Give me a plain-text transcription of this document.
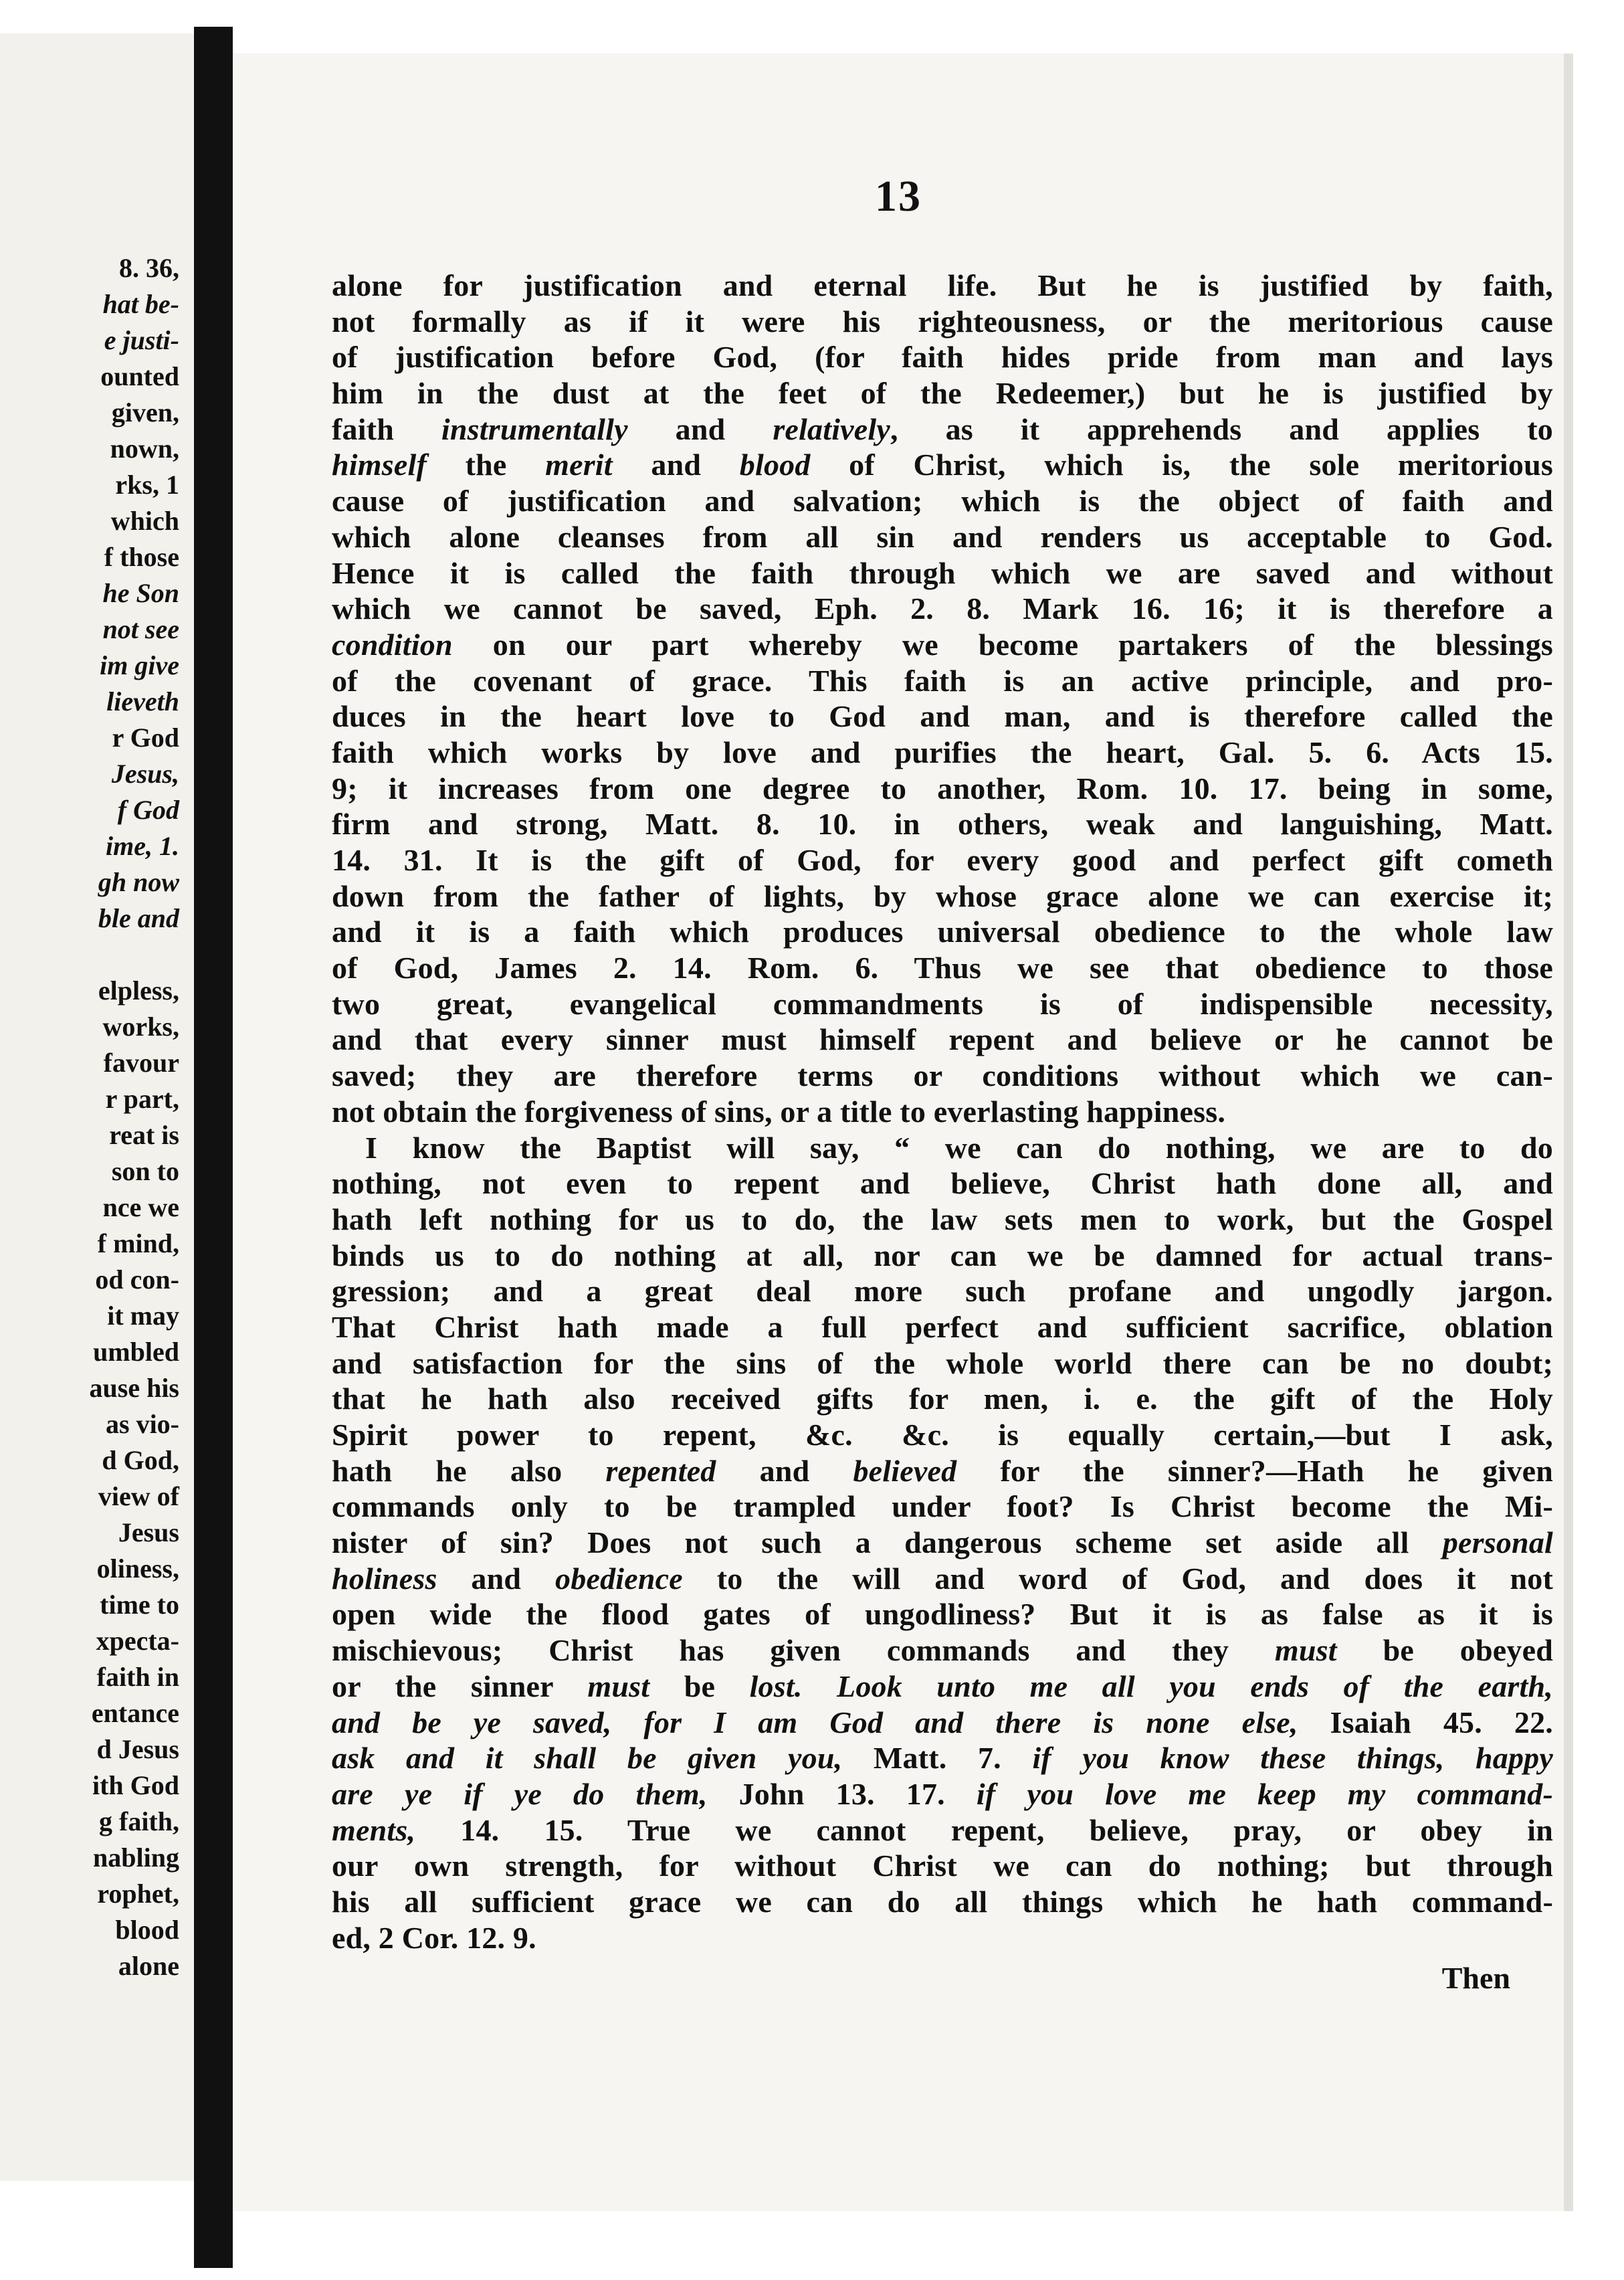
8. 36,
hat be-
e justi-
ounted
given,
nown,
rks, 1
which
f those
he Son
not see
im give
lieveth
r God
Jesus,
f God
ime, 1.
gh now
ble and

elpless,
works,
favour
r part,
reat is
son to
nce we
f mind,
od con-
it may
umbled
ause his
as vio-
d God,
view of
Jesus
oliness,
time to
xpecta-
faith in
entance
d Jesus
ith God
g faith,
nabling
rophet,
blood
alone
13
alone for justification and eternal life. But he is justified by faith,
not formally as if it were his righteousness, or the meritorious cause
of justification before God, (for faith hides pride from man and lays
him in the dust at the feet of the Redeemer,) but he is justified by
faith instrumentally and relatively, as it apprehends and applies to
himself the merit and blood of Christ, which is, the sole meritorious
cause of justification and salvation; which is the object of faith and
which alone cleanses from all sin and renders us acceptable to God.
Hence it is called the faith through which we are saved and without
which we cannot be saved, Eph. 2. 8. Mark 16. 16; it is therefore a
condition on our part whereby we become partakers of the blessings
of the covenant of grace. This faith is an active principle, and pro-
duces in the heart love to God and man, and is therefore called the
faith which works by love and purifies the heart, Gal. 5. 6. Acts 15.
9; it increases from one degree to another, Rom. 10. 17. being in some,
firm and strong, Matt. 8. 10. in others, weak and languishing, Matt.
14. 31. It is the gift of God, for every good and perfect gift cometh
down from the father of lights, by whose grace alone we can exercise it;
and it is a faith which produces universal obedience to the whole law
of God, James 2. 14. Rom. 6. Thus we see that obedience to those
two great, evangelical commandments is of indispensible necessity,
and that every sinner must himself repent and believe or he cannot be
saved; they are therefore terms or conditions without which we can-
not obtain the forgiveness of sins, or a title to everlasting happiness.
I know the Baptist will say, “ we can do nothing, we are to do
nothing, not even to repent and believe, Christ hath done all, and
hath left nothing for us to do, the law sets men to work, but the Gospel
binds us to do nothing at all, nor can we be damned for actual trans-
gression; and a great deal more such profane and ungodly jargon.
That Christ hath made a full perfect and sufficient sacrifice, oblation
and satisfaction for the sins of the whole world there can be no doubt;
that he hath also received gifts for men, i. e. the gift of the Holy
Spirit power to repent, &c. &c. is equally certain,—but I ask,
hath he also repented and believed for the sinner?—Hath he given
commands only to be trampled under foot? Is Christ become the Mi-
nister of sin? Does not such a dangerous scheme set aside all personal
holiness and obedience to the will and word of God, and does it not
open wide the flood gates of ungodliness? But it is as false as it is
mischievous; Christ has given commands and they must be obeyed
or the sinner must be lost. Look unto me all you ends of the earth,
and be ye saved, for I am God and there is none else, Isaiah 45. 22.
ask and it shall be given you, Matt. 7. if you know these things, happy
are ye if ye do them, John 13. 17. if you love me keep my command-
ments, 14. 15. True we cannot repent, believe, pray, or obey in
our own strength, for without Christ we can do nothing; but through
his all sufficient grace we can do all things which he hath command-
ed, 2 Cor. 12. 9.
Then
